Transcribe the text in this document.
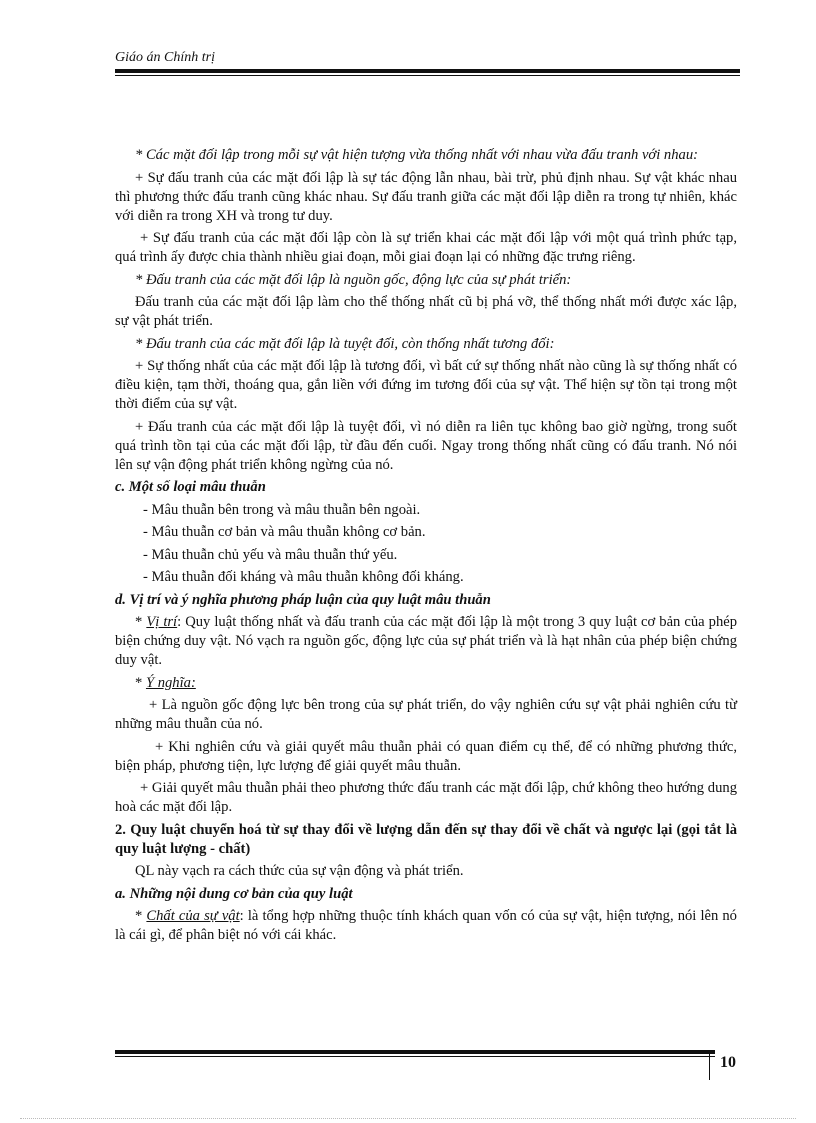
Giáo án Chính trị

* Các mặt đối lập trong mỗi sự vật hiện tượng vừa thống nhất với nhau vừa đấu tranh với nhau:

+ Sự đấu tranh của các mặt đối lập là sự tác động lẫn nhau, bài trừ, phủ định nhau. Sự vật khác nhau thì phương thức đấu tranh cũng khác nhau. Sự đấu tranh giữa các mặt đối lập diễn ra trong tự nhiên, khác với diễn ra trong XH và trong tư duy.

+ Sự đấu tranh của các mặt đối lập còn là sự triển khai các mặt đối lập với một quá trình phức tạp, quá trình ấy được chia thành nhiều giai đoạn, mỗi giai đoạn lại có những đặc trưng riêng.

* Đấu tranh của các mặt đối lập là nguồn gốc, động lực của sự phát triển:

Đấu tranh của các mặt đối lập làm cho thể thống nhất cũ bị phá vỡ, thể thống nhất mới được xác lập, sự vật phát triển.

* Đấu tranh của các mặt đối lập là tuyệt đối, còn thống nhất tương đối:

+ Sự thống nhất của các mặt đối lập là tương đối, vì bất cứ sự thống nhất nào cũng là sự thống nhất có điều kiện, tạm thời, thoáng qua, gắn liền với đứng im tương đối của sự vật. Thể hiện sự tồn tại trong một thời điểm của sự vật.

+ Đấu tranh của các mặt đối lập là tuyệt đối, vì nó diễn ra liên tục không bao giờ ngừng, trong suốt quá trình tồn tại của các mặt đối lập, từ đầu đến cuối. Ngay trong thống nhất cũng có đấu tranh. Nó nói lên sự vận động phát triển không ngừng của nó.

c. Một số loại mâu thuẫn

- Mâu thuẫn bên trong và mâu thuẫn bên ngoài.

- Mâu thuẫn cơ bản và mâu thuẫn không cơ bản.

- Mâu thuẫn chủ yếu và mâu thuẫn thứ yếu.

- Mâu thuẫn đối kháng và mâu thuẫn không đối kháng.

d. Vị trí và ý nghĩa phương pháp luận của quy luật mâu thuẫn

* Vị trí: Quy luật thống nhất và đấu tranh của các mặt đối lập là một trong 3 quy luật cơ bản của phép biện chứng duy vật. Nó vạch ra nguồn gốc, động lực của sự phát triển và là hạt nhân của phép biện chứng duy vật.

* Ý nghĩa:

+ Là nguồn gốc động lực bên trong của sự phát triển, do vậy nghiên cứu sự vật phải nghiên cứu từ những mâu thuẫn của nó.

+ Khi nghiên cứu và giải quyết mâu thuẫn phải có quan điểm cụ thể, để có những phương thức, biện pháp, phương tiện, lực lượng để giải quyết mâu thuẫn.

+ Giải quyết mâu thuẫn phải theo phương thức đấu tranh các mặt đối lập, chứ không theo hướng dung hoà các mặt đối lập.

2. Quy luật chuyển hoá từ sự thay đổi về lượng dẫn đến sự thay đổi về chất và ngược lại (gọi tắt là quy luật lượng - chất)

QL này vạch ra cách thức của sự vận động và phát triển.

a. Những nội dung cơ bản của quy luật

* Chất của sự vật: là tổng hợp những thuộc tính khách quan vốn có của sự vật, hiện tượng, nói lên nó là cái gì, để phân biệt nó với cái khác.

10
